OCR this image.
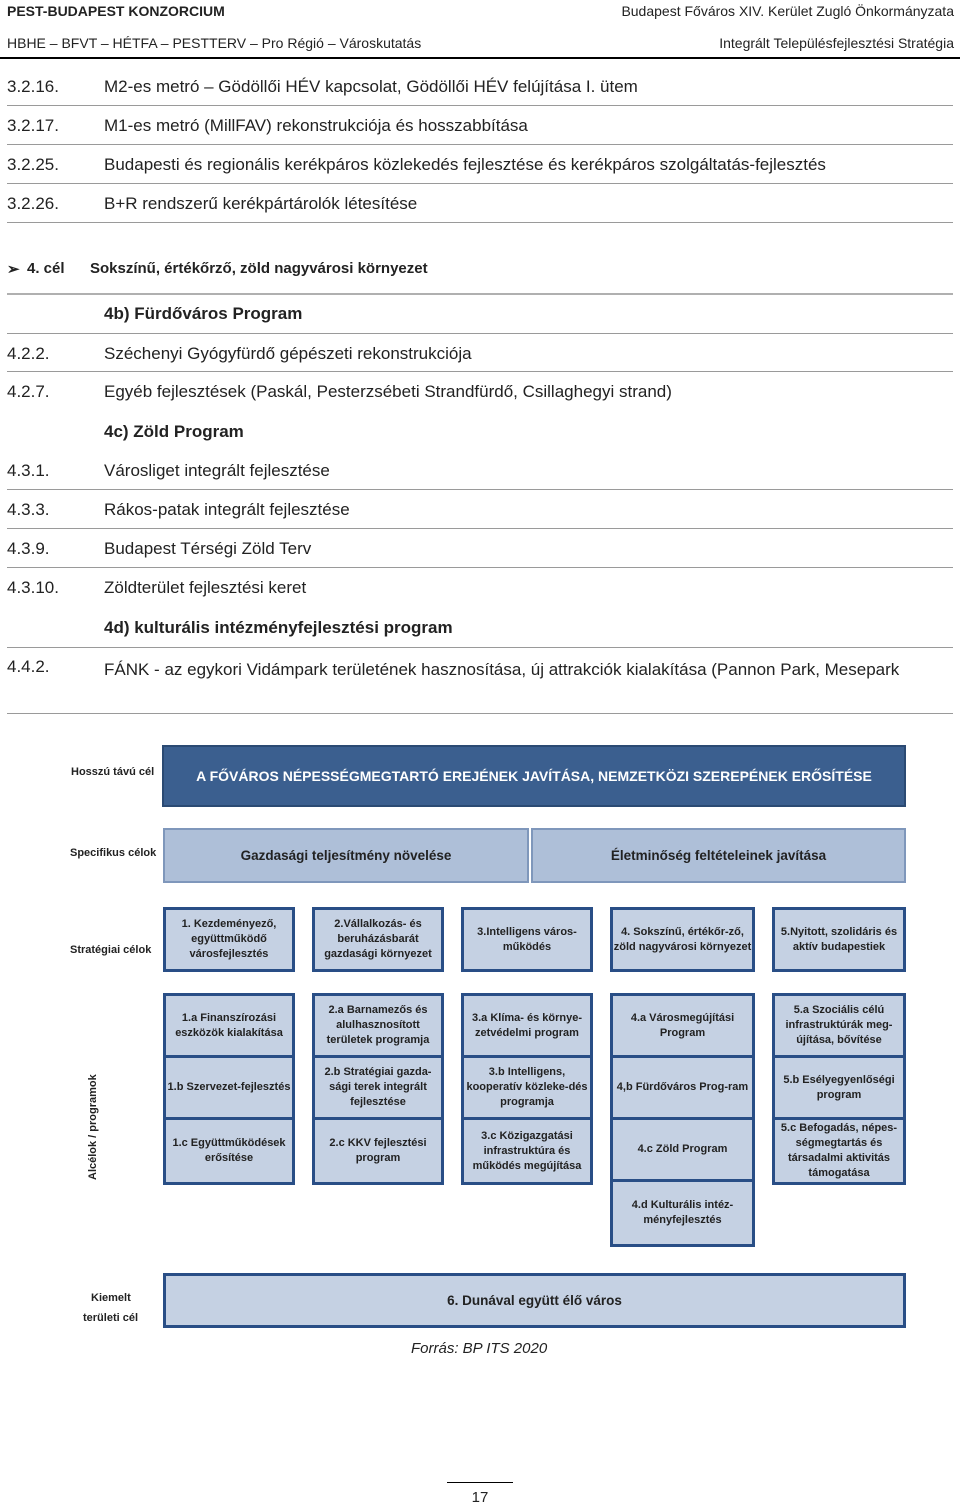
PEST-BUDAPEST KONZORCIUM	Budapest Főváros XIV. Kerület Zugló Önkormányzata
HBHE – BFVT – HÉTFA – PESTTERV – Pro Régió – Városkutatás	Integrált Településfejlesztési Stratégia
3.2.16.	M2-es metró – Gödöllői HÉV kapcsolat, Gödöllői HÉV felújítása I. ütem
3.2.17.	M1-es metró (MillFAV) rekonstrukciója és hosszabbítása
3.2.25.	Budapesti és regionális kerékpáros közlekedés fejlesztése és kerékpáros szolgáltatás-fejlesztés
3.2.26.	B+R rendszerű kerékpártárolók létesítése
➢ 4. cél Sokszínű, értékőrző, zöld nagyvárosi környezet
4b) Fürdőváros Program
4.2.2.	Széchenyi Gyógyfürdő gépészeti rekonstrukciója
4.2.7.	Egyéb fejlesztések (Paskál, Pesterzsébeti Strandfürdő, Csillaghegyi strand)
4c) Zöld Program
4.3.1.	Városliget integrált fejlesztése
4.3.3.	Rákos-patak integrált fejlesztése
4.3.9.	Budapest Térségi Zöld Terv
4.3.10.	Zöldterület fejlesztési keret
4d) kulturális intézményfejlesztési program
4.4.2.	FÁNK - az egykori Vidámpark területének hasznosítása, új attrakciók kialakítása (Pannon Park, Mesepark
Hosszú távú cél	A FŐVÁROS NÉPESSÉGMEGTARTÓ EREJÉNEK JAVÍTÁSA, NEMZETKÖZI SZEREPÉNEK ERŐSÍTÉSE
Specifikus célok	Gazdasági teljesítmény növelése	Életminőség feltételeinek javítása
Stratégiai célok
1. Kezdeményező, együttműködő városfejlesztés
2.Vállalkozás- és beruházásbarát gazdasági környezet
3.Intelligens város-működés
4. Sokszínű, értékőr-ző, zöld nagyvárosi környezet
5.Nyitott, szolidáris és aktív budapestiek
Alcélok / programok
1.a Finanszírozási eszközök kialakítása
1.b Szervezet-fejlesztés
1.c Együttműködések erősítése
2.a Barnamezős és alulhasznosított területek programja
2.b Stratégiai gazda-sági terek integrált fejlesztése
2.c KKV fejlesztési program
3.a Klíma- és környe-zetvédelmi program
3.b Intelligens, kooperatív közleke-dés programja
3.c Közigazgatási infrastruktúra és működés megújítása
4.a Városmegújítási Program
4,b Fürdőváros Prog-ram
4.c Zöld Program
4.d Kulturális intéz-ményfejlesztés
5.a Szociális célú infrastruktúrák meg-újítása, bővítése
5.b Esélyegyenlőségi program
5.c Befogadás, népes-ségmegtartás és társadalmi aktivitás támogatása
Kiemelt
területi cél
6. Dunával együtt élő város
Forrás: BP ITS 2020
17
